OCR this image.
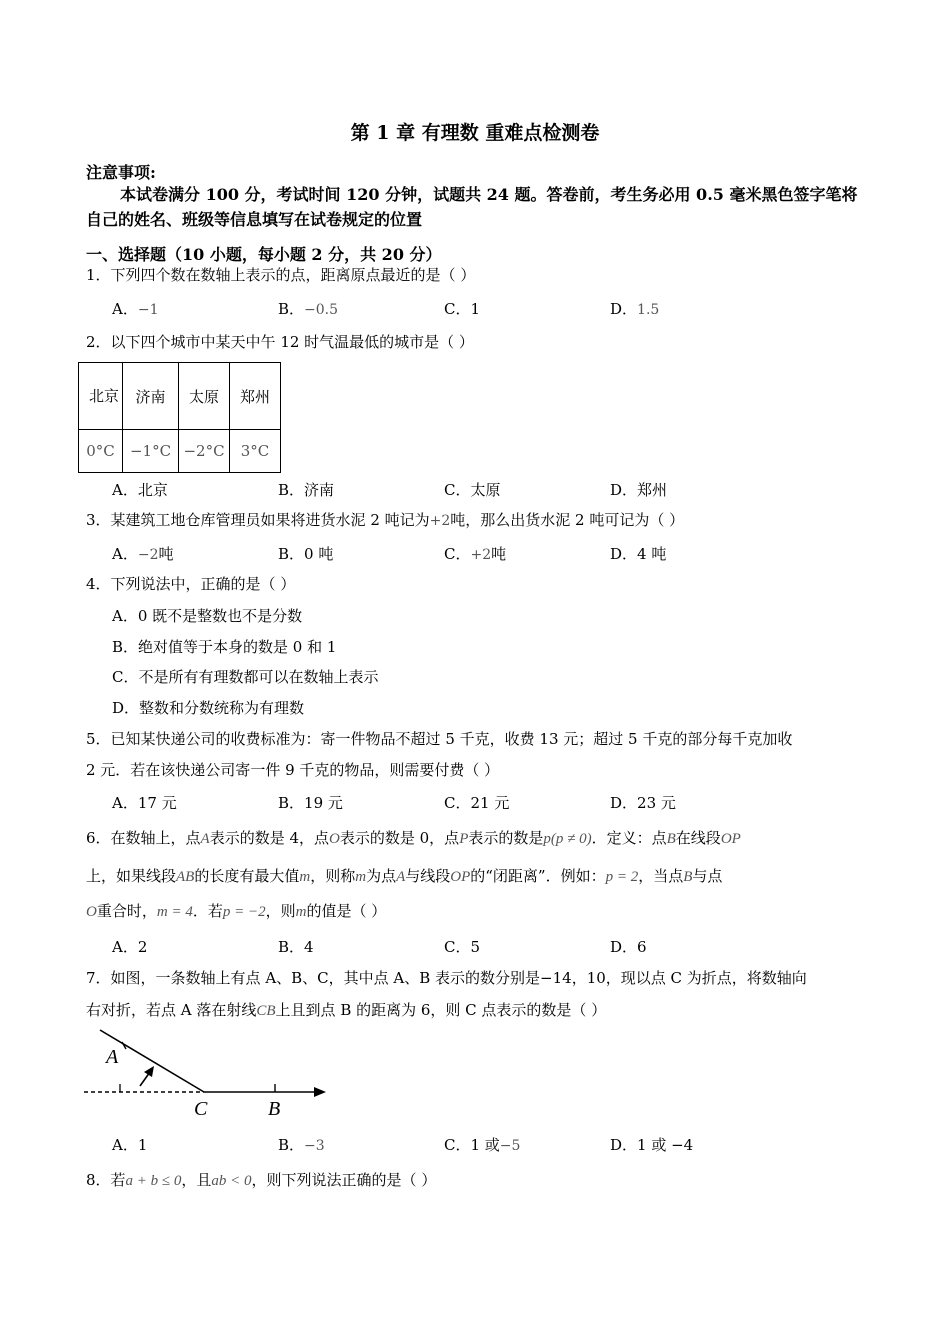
第 1 章 有理数 重难点检测卷
注意事项:
本试卷满分 100 分，考试时间 120 分钟，试题共 24 题。答卷前，考生务必用 0.5 毫米黑色签字笔将自己的姓名、班级等信息填写在试卷规定的位置
一、选择题（10 小题，每小题 2 分，共 20 分）
1．下列四个数在数轴上表示的点，距离原点最近的是（ ）
A．−1	B．−0.5	C．1	D．1.5
2．以下四个城市中某天中午 12 时气温最低的城市是（ ）
北京	济南	太原	郑州
0°C	−1°C	−2°C	3°C
A．北京	B．济南	C．太原	D．郑州
3．某建筑工地仓库管理员如果将进货水泥 2 吨记为+2吨，那么出货水泥 2 吨可记为（ ）
A．−2吨	B．0 吨	C．+2吨	D．4 吨
4．下列说法中，正确的是（ ）
A．0 既不是整数也不是分数
B．绝对值等于本身的数是 0 和 1
C．不是所有有理数都可以在数轴上表示
D．整数和分数统称为有理数
5．已知某快递公司的收费标准为：寄一件物品不超过 5 千克，收费 13 元；超过 5 千克的部分每千克加收
2 元．若在该快递公司寄一件 9 千克的物品，则需要付费（ ）
A．17 元	B．19 元	C．21 元	D．23 元
6．在数轴上，点A表示的数是 4，点O表示的数是 0，点P表示的数是p(p ≠ 0)．定义：点B在线段OP
上，如果线段AB的长度有最大值m，则称m为点A与线段OP的“闭距离”．例如：p = 2，当点B与点
O重合时，m = 4．若p = −2，则m的值是（ ）
A．2	B．4	C．5	D．6
7．如图，一条数轴上有点 A、B、C，其中点 A、B 表示的数分别是−14，10，现以点 C 为折点，将数轴向
右对折，若点 A 落在射线CB上且到点 B 的距离为 6，则 C 点表示的数是（ ）
A
C	B
A．1	B．−3	C．1 或−5	D．1 或 −4
8．若a + b ≤ 0，且ab < 0，则下列说法正确的是（ ）
